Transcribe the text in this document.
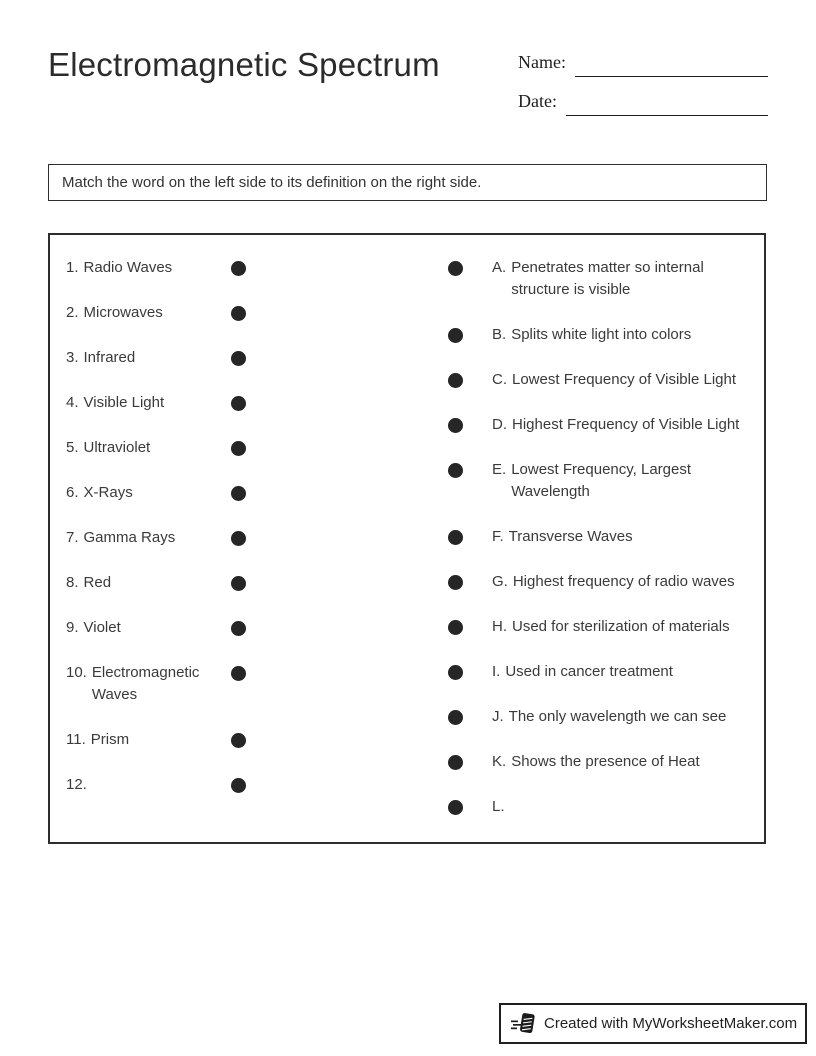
Electromagnetic Spectrum	Name:
Date:
Match the word on the left side to its definition on the right side.
1. Radio Waves
2. Microwaves
3. Infrared
4. Visible Light
5. Ultraviolet
6. X-Rays
7. Gamma Rays
8. Red
9. Violet
10. Electromagnetic Waves
11. Prism
12.
A. Penetrates matter so internal structure is visible
B. Splits white light into colors
C. Lowest Frequency of Visible Light
D. Highest Frequency of Visible Light
E. Lowest Frequency, Largest Wavelength
F. Transverse Waves
G. Highest frequency of radio waves
H. Used for sterilization of materials
I. Used in cancer treatment
J. The only wavelength we can see
K. Shows the presence of Heat
L.
Created with MyWorksheetMaker.com
